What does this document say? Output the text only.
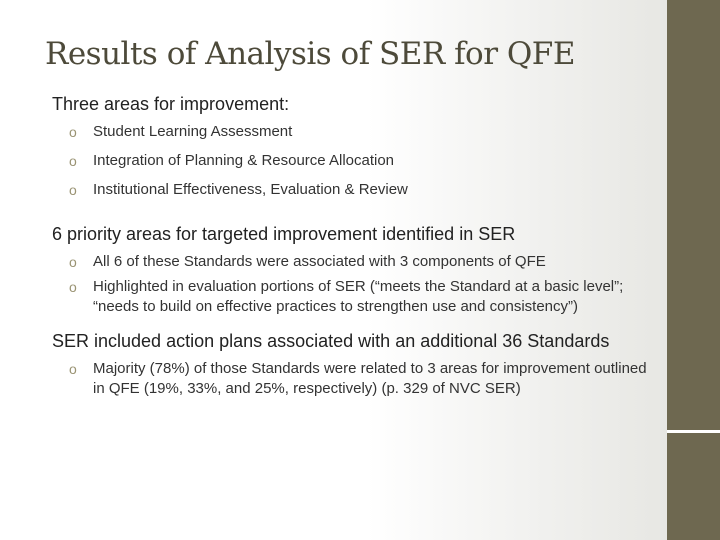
Results of Analysis of SER for QFE

Three areas for improvement:

o Student Learning Assessment
o Integration of Planning & Resource Allocation
o Institutional Effectiveness, Evaluation & Review

6 priority areas for targeted improvement identified in SER

o All 6 of these Standards were associated with 3 components of QFE
o Highlighted in evaluation portions of SER (“meets the Standard at a basic level”; “needs to build on effective practices to strengthen use and consistency”)

SER included action plans associated with an additional 36 Standards

o Majority (78%) of those Standards were related to 3 areas for improvement outlined in QFE (19%, 33%, and 25%, respectively) (p. 329 of NVC SER)
